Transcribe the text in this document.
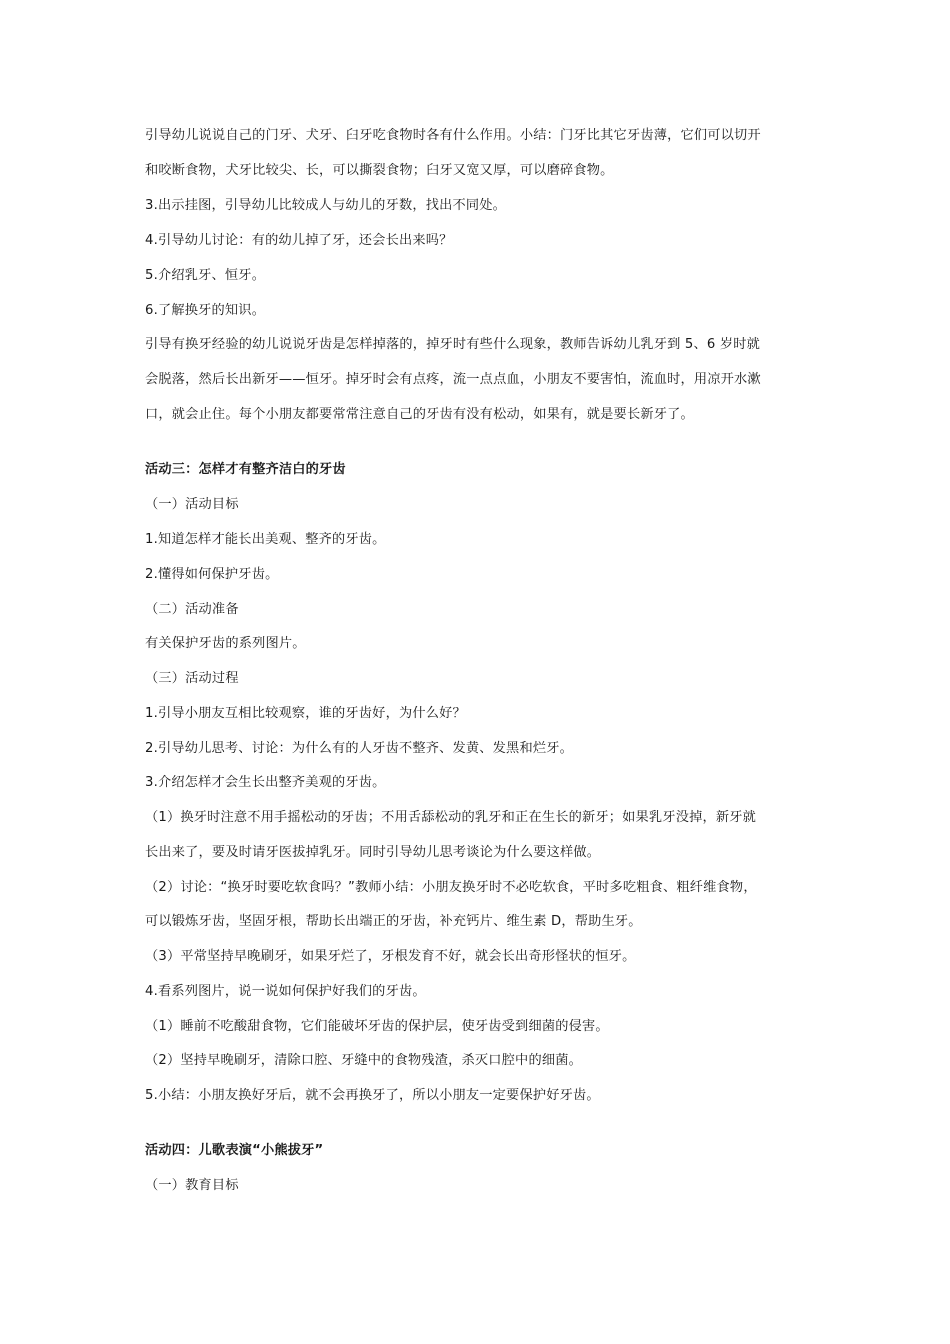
引导幼儿说说自己的门牙、犬牙、臼牙吃食物时各有什么作用。小结：门牙比其它牙齿薄，它们可以切开
和咬断食物，犬牙比较尖、长，可以撕裂食物；臼牙又宽又厚，可以磨碎食物。
3.出示挂图，引导幼儿比较成人与幼儿的牙数，找出不同处。
4.引导幼儿讨论：有的幼儿掉了牙，还会长出来吗？
5.介绍乳牙、恒牙。
6.了解换牙的知识。
引导有换牙经验的幼儿说说牙齿是怎样掉落的，掉牙时有些什么现象，教师告诉幼儿乳牙到 5、6 岁时就
会脱落，然后长出新牙——恒牙。掉牙时会有点疼，流一点点血，小朋友不要害怕，流血时，用凉开水漱
口，就会止住。每个小朋友都要常常注意自己的牙齿有没有松动，如果有，就是要长新牙了。
活动三：怎样才有整齐洁白的牙齿
（一）活动目标
1.知道怎样才能长出美观、整齐的牙齿。
2.懂得如何保护牙齿。
（二）活动准备
有关保护牙齿的系列图片。
（三）活动过程
1.引导小朋友互相比较观察，谁的牙齿好，为什么好？
2.引导幼儿思考、讨论：为什么有的人牙齿不整齐、发黄、发黑和烂牙。
3.介绍怎样才会生长出整齐美观的牙齿。
（1）换牙时注意不用手摇松动的牙齿；不用舌舔松动的乳牙和正在生长的新牙；如果乳牙没掉，新牙就
长出来了，要及时请牙医拔掉乳牙。同时引导幼儿思考谈论为什么要这样做。
（2）讨论：“换牙时要吃软食吗？”教师小结：小朋友换牙时不必吃软食，平时多吃粗食、粗纤维食物，
可以锻炼牙齿，坚固牙根，帮助长出端正的牙齿，补充钙片、维生素 D，帮助生牙。
（3）平常坚持早晚刷牙，如果牙烂了，牙根发育不好，就会长出奇形怪状的恒牙。
4.看系列图片，说一说如何保护好我们的牙齿。
（1）睡前不吃酸甜食物，它们能破坏牙齿的保护层，使牙齿受到细菌的侵害。
（2）坚持早晚刷牙，清除口腔、牙缝中的食物残渣，杀灭口腔中的细菌。
5.小结：小朋友换好牙后，就不会再换牙了，所以小朋友一定要保护好牙齿。
活动四：儿歌表演“小熊拔牙”
（一）教育目标
